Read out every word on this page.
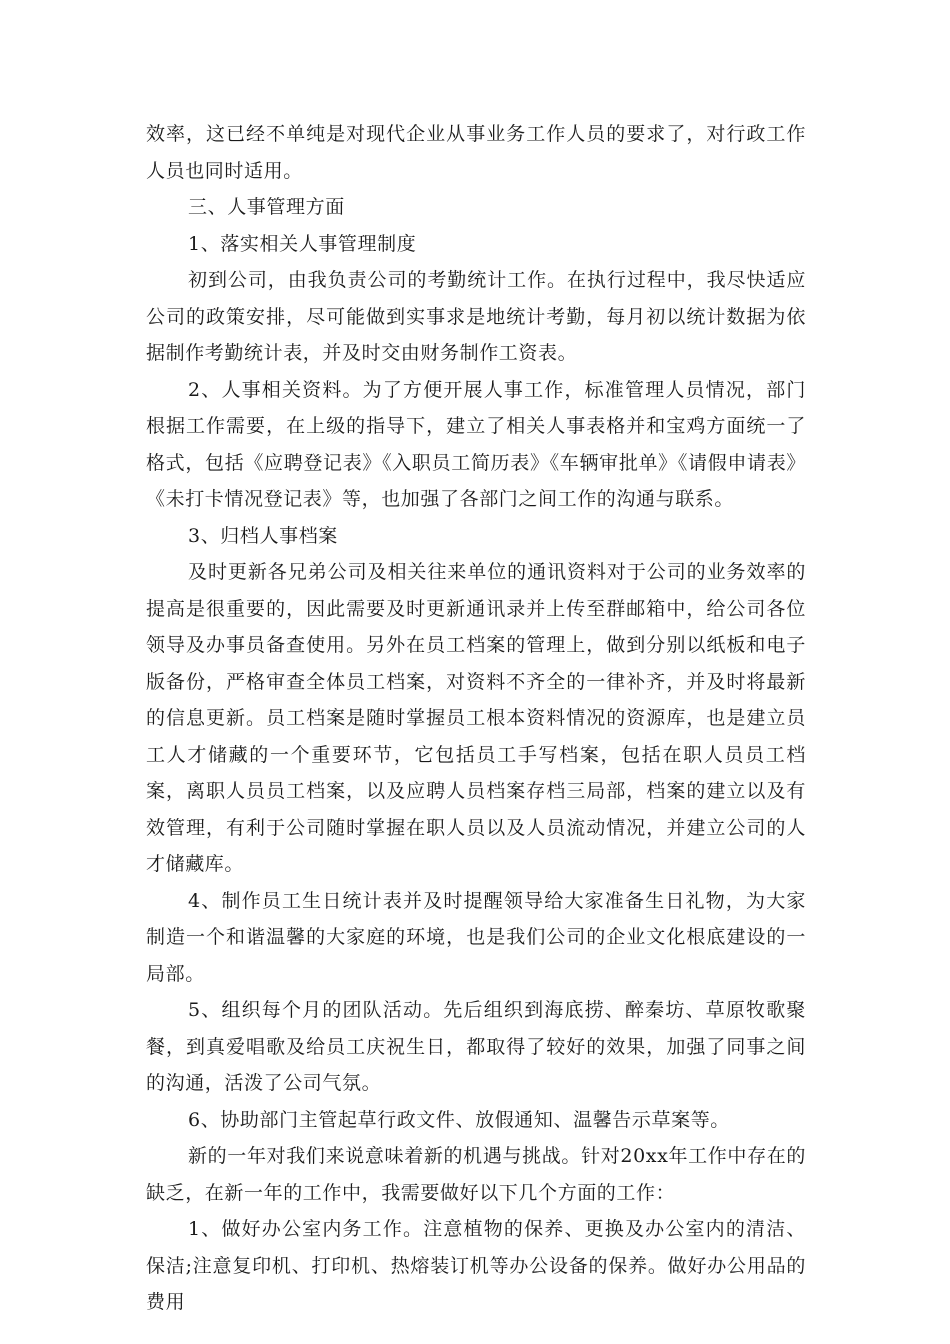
效率，这已经不单纯是对现代企业从事业务工作人员的要求了，对行政工作人员也同时适用。

三、人事管理方面

1、落实相关人事管理制度

初到公司，由我负责公司的考勤统计工作。在执行过程中，我尽快适应公司的政策安排，尽可能做到实事求是地统计考勤，每月初以统计数据为依据制作考勤统计表，并及时交由财务制作工资表。

2、人事相关资料。为了方便开展人事工作，标准管理人员情况，部门根据工作需要，在上级的指导下，建立了相关人事表格并和宝鸡方面统一了格式，包括《应聘登记表》《入职员工简历表》《车辆审批单》《请假申请表》《未打卡情况登记表》等，也加强了各部门之间工作的沟通与联系。

3、归档人事档案

及时更新各兄弟公司及相关往来单位的通讯资料对于公司的业务效率的提高是很重要的，因此需要及时更新通讯录并上传至群邮箱中，给公司各位领导及办事员备查使用。另外在员工档案的管理上，做到分别以纸板和电子版备份，严格审查全体员工档案，对资料不齐全的一律补齐，并及时将最新的信息更新。员工档案是随时掌握员工根本资料情况的资源库，也是建立员工人才储藏的一个重要环节，它包括员工手写档案，包括在职人员员工档案，离职人员员工档案，以及应聘人员档案存档三局部，档案的建立以及有效管理，有利于公司随时掌握在职人员以及人员流动情况，并建立公司的人才储藏库。

4、制作员工生日统计表并及时提醒领导给大家准备生日礼物，为大家制造一个和谐温馨的大家庭的环境，也是我们公司的企业文化根底建设的一局部。

5、组织每个月的团队活动。先后组织到海底捞、醉秦坊、草原牧歌聚餐，到真爱唱歌及给员工庆祝生日，都取得了较好的效果，加强了同事之间的沟通，活泼了公司气氛。

6、协助部门主管起草行政文件、放假通知、温馨告示草案等。

新的一年对我们来说意味着新的机遇与挑战。针对20xx年工作中存在的缺乏，在新一年的工作中，我需要做好以下几个方面的工作：

1、做好办公室内务工作。注意植物的保养、更换及办公室内的清洁、保洁;注意复印机、打印机、热熔装订机等办公设备的保养。做好办公用品的费用
